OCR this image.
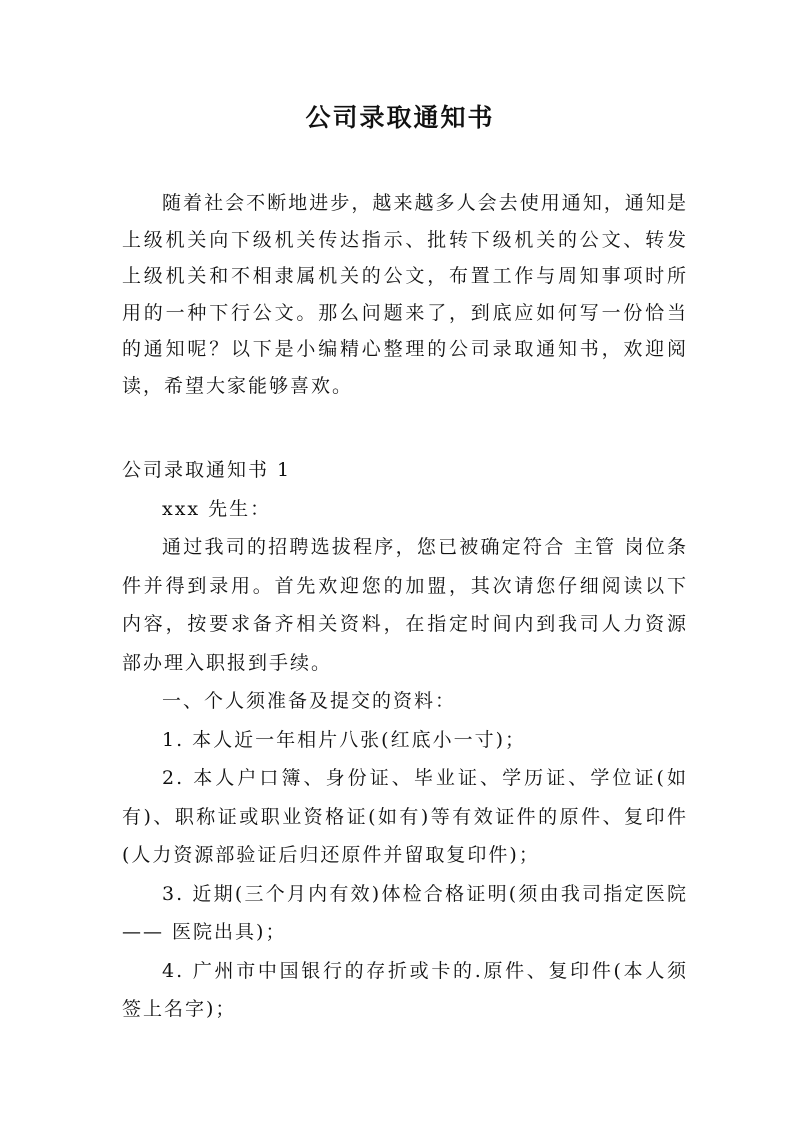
公司录取通知书

随着社会不断地进步，越来越多人会去使用通知，通知是上级机关向下级机关传达指示、批转下级机关的公文、转发上级机关和不相隶属机关的公文，布置工作与周知事项时所用的一种下行公文。那么问题来了，到底应如何写一份恰当的通知呢？以下是小编精心整理的公司录取通知书，欢迎阅读，希望大家能够喜欢。

公司录取通知书 1

xxx 先生：

通过我司的招聘选拔程序，您已被确定符合 主管 岗位条件并得到录用。首先欢迎您的加盟，其次请您仔细阅读以下内容，按要求备齐相关资料，在指定时间内到我司人力资源部办理入职报到手续。

一、个人须准备及提交的资料：

1. 本人近一年相片八张(红底小一寸)；

2. 本人户口簿、身份证、毕业证、学历证、学位证(如有)、职称证或职业资格证(如有)等有效证件的原件、复印件(人力资源部验证后归还原件并留取复印件)；

3. 近期(三个月内有效)体检合格证明(须由我司指定医院—— 医院出具)；

4. 广州市中国银行的存折或卡的.原件、复印件(本人须签上名字)；
